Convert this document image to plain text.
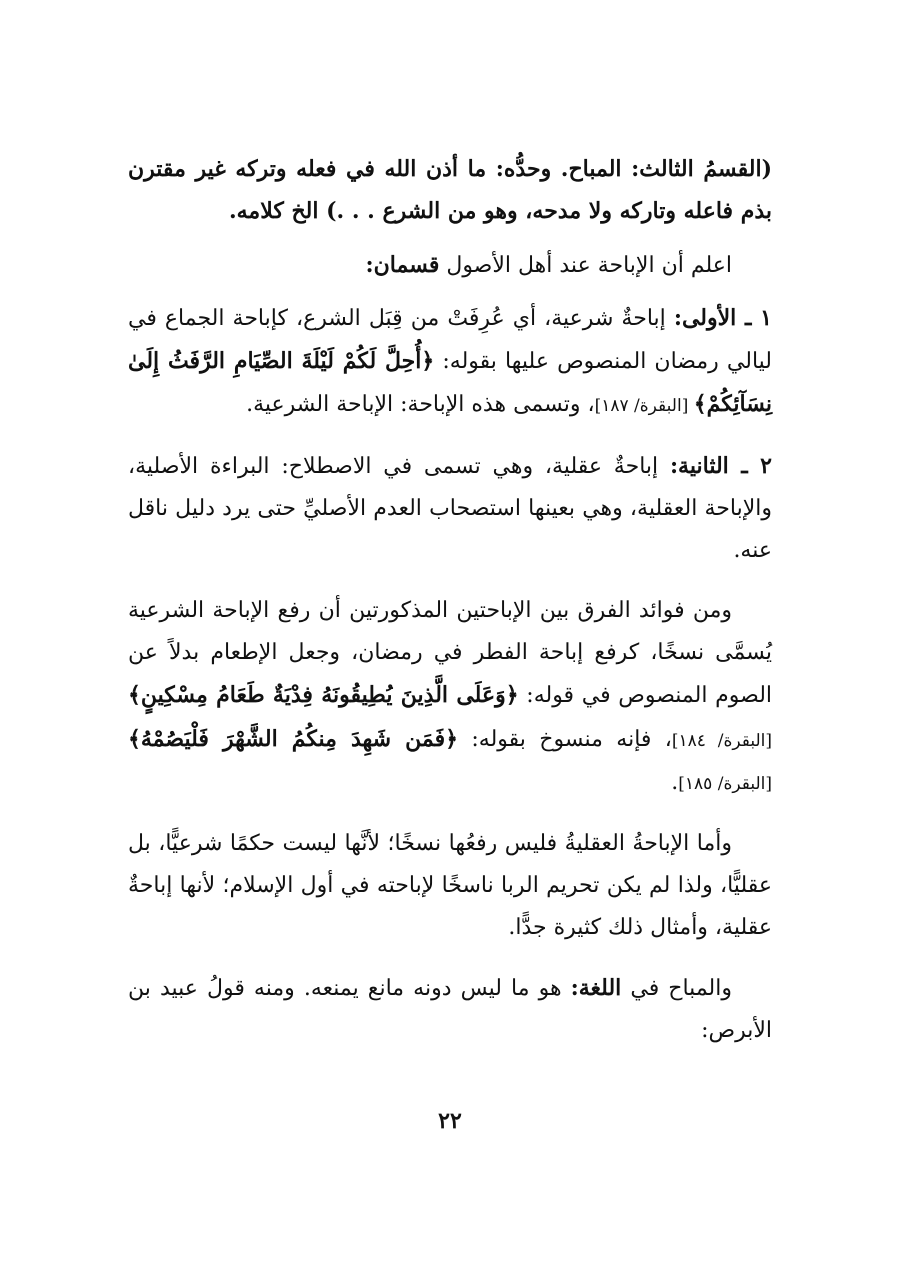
(القسمُ الثالث: المباح. وحدُّه: ما أذن الله في فعله وتركه غير مقترن بذم فاعله وتاركه ولا مدحه، وهو من الشرع . . .) الخ كلامه.

اعلم أن الإباحة عند أهل الأصول قسمان:

١ ـ الأولى: إباحةٌ شرعية، أي عُرِفَتْ من قِبَل الشرع، كإباحة الجماع في ليالي رمضان المنصوص عليها بقوله: ﴿أُحِلَّ لَكُمْ لَيْلَةَ الصِّيَامِ الرَّفَثُ إِلَىٰ نِسَآئِكُمْ﴾ [البقرة/ ١٨٧]، وتسمى هذه الإباحة: الإباحة الشرعية.

٢ ـ الثانية: إباحةٌ عقلية، وهي تسمى في الاصطلاح: البراءة الأصلية، والإباحة العقلية، وهي بعينها استصحاب العدم الأصليِّ حتى يرد دليل ناقل عنه.

ومن فوائد الفرق بين الإباحتين المذكورتين أن رفع الإباحة الشرعية يُسمَّى نسخًا، كرفع إباحة الفطر في رمضان، وجعل الإطعام بدلاً عن الصوم المنصوص في قوله: ﴿وَعَلَى الَّذِينَ يُطِيقُونَهُ فِدْيَةٌ طَعَامُ مِسْكِينٍ﴾ [البقرة/ ١٨٤]، فإنه منسوخ بقوله: ﴿فَمَن شَهِدَ مِنكُمُ الشَّهْرَ فَلْيَصُمْهُ﴾ [البقرة/ ١٨٥].

وأما الإباحةُ العقليةُ فليس رفعُها نسخًا؛ لأنَّها ليست حكمًا شرعيًّا، بل عقليًّا، ولذا لم يكن تحريم الربا ناسخًا لإباحته في أول الإسلام؛ لأنها إباحةٌ عقلية، وأمثال ذلك كثيرة جدًّا.

والمباح في اللغة: هو ما ليس دونه مانع يمنعه. ومنه قولُ عبيد بن الأبرص:

٢٢
